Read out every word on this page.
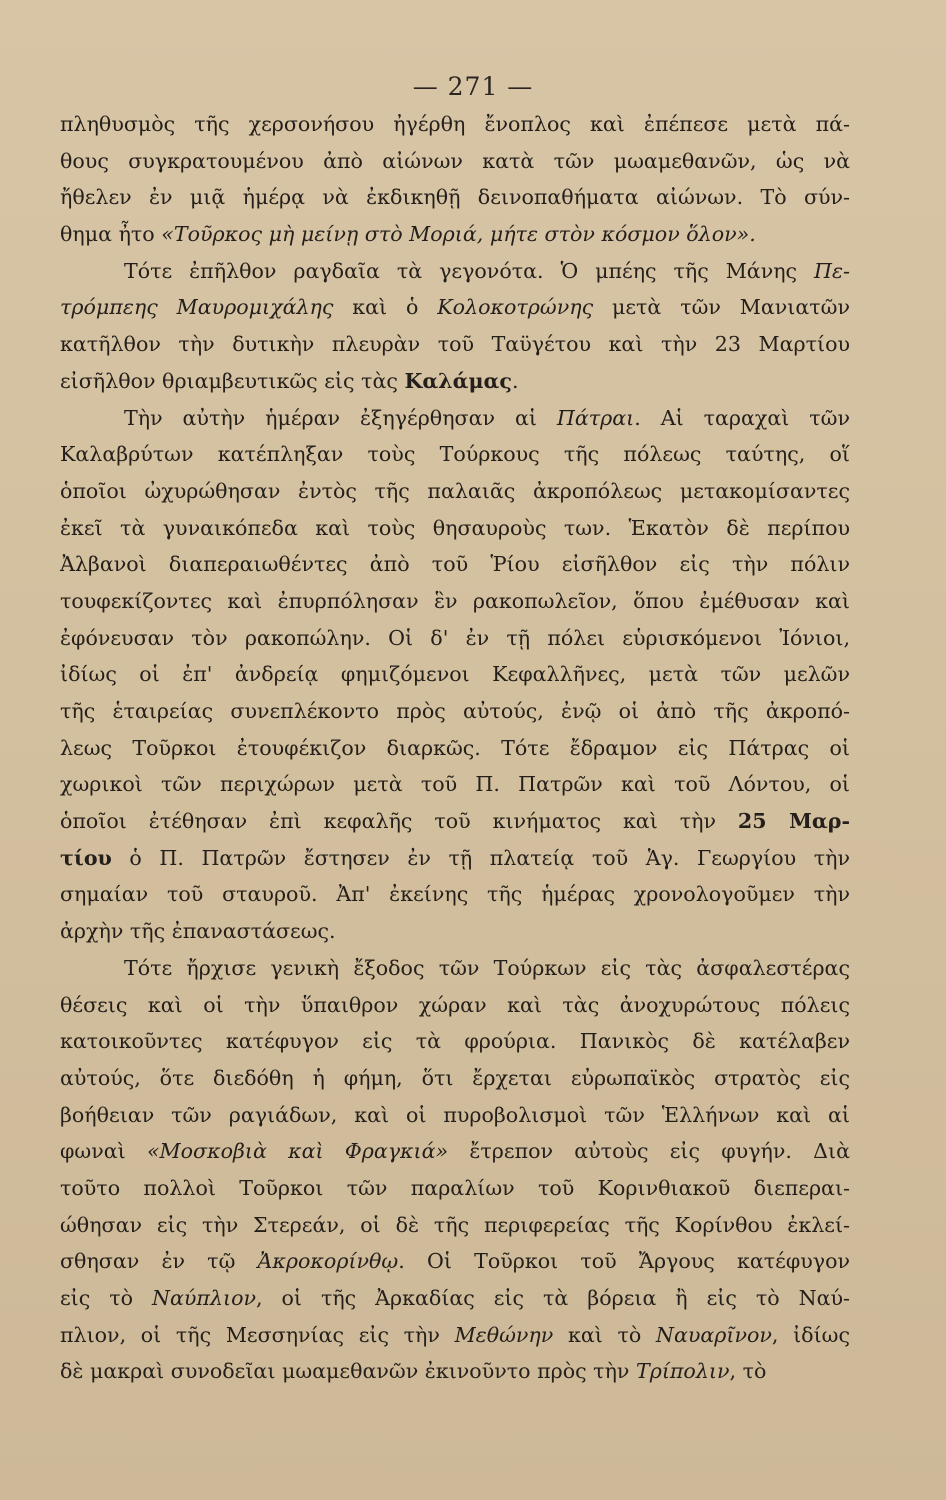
— 271 —
πληθυσμὸς τῆς χερσονήσου ἠγέρθη ἔνοπλος καὶ ἐπέπεσε μετὰ πά-
θους συγκρατουμένου ἀπὸ αἰώνων κατὰ τῶν μωαμεθανῶν, ὡς νὰ
ἤθελεν ἐν μιᾷ ἡμέρᾳ νὰ ἐκδικηθῇ δεινοπαθήματα αἰώνων. Τὸ σύν-
θημα ἦτο «Τοῦρκος μὴ μείνῃ στὸ Μοριά, μήτε στὸν κόσμον ὅλον».
Τότε ἐπῆλθον ραγδαῖα τὰ γεγονότα. Ὁ μπέης τῆς Μάνης Πε-
τρόμπεης Μαυρομιχάλης καὶ ὁ Κολοκοτρώνης μετὰ τῶν Μανιατῶν
κατῆλθον τὴν δυτικὴν πλευρὰν τοῦ Ταϋγέτου καὶ τὴν 23 Μαρτίου
εἰσῆλθον θριαμβευτικῶς εἰς τὰς Καλάμας.
Τὴν αὐτὴν ἡμέραν ἐξηγέρθησαν αἱ Πάτραι. Αἱ ταραχαὶ τῶν
Καλαβρύτων κατέπληξαν τοὺς Τούρκους τῆς πόλεως ταύτης, οἵ
ὁποῖοι ὠχυρώθησαν ἐντὸς τῆς παλαιᾶς ἀκροπόλεως μετακομίσαντες
ἐκεῖ τὰ γυναικόπεδα καὶ τοὺς θησαυροὺς των. Ἑκατὸν δὲ περίπου
Ἀλβανοὶ διαπεραιωθέντες ἀπὸ τοῦ Ῥίου εἰσῆλθον εἰς τὴν πόλιν
τουφεκίζοντες καὶ ἐπυρπόλησαν ἓν ρακοπωλεῖον, ὅπου ἐμέθυσαν καὶ
ἐφόνευσαν τὸν ρακοπώλην. Οἱ δ' ἐν τῇ πόλει εὑρισκόμενοι Ἰόνιοι,
ἰδίως οἱ ἐπ' ἀνδρείᾳ φημιζόμενοι Κεφαλλῆνες, μετὰ τῶν μελῶν
τῆς ἑταιρείας συνεπλέκοντο πρὸς αὐτούς, ἐνῷ οἱ ἀπὸ τῆς ἀκροπό-
λεως Τοῦρκοι ἐτουφέκιζον διαρκῶς. Τότε ἔδραμον εἰς Πάτρας οἱ
χωρικοὶ τῶν περιχώρων μετὰ τοῦ Π. Πατρῶν καὶ τοῦ Λόντου, οἱ
ὁποῖοι ἐτέθησαν ἐπὶ κεφαλῆς τοῦ κινήματος καὶ τὴν 25 Μαρ-
τίου ὁ Π. Πατρῶν ἔστησεν ἐν τῇ πλατείᾳ τοῦ Ἁγ. Γεωργίου τὴν
σημαίαν τοῦ σταυροῦ. Ἀπ' ἐκείνης τῆς ἡμέρας χρονολογοῦμεν τὴν
ἀρχὴν τῆς ἐπαναστάσεως.
Τότε ἤρχισε γενικὴ ἔξοδος τῶν Τούρκων εἰς τὰς ἀσφαλεστέρας
θέσεις καὶ οἱ τὴν ὕπαιθρον χώραν καὶ τὰς ἀνοχυρώτους πόλεις
κατοικοῦντες κατέφυγον εἰς τὰ φρούρια. Πανικὸς δὲ κατέλαβεν
αὐτούς, ὅτε διεδόθη ἡ φήμη, ὅτι ἔρχεται εὐρωπαϊκὸς στρατὸς εἰς
βοήθειαν τῶν ραγιάδων, καὶ οἱ πυροβολισμοὶ τῶν Ἑλλήνων καὶ αἱ
φωναὶ «Μοσκοβιὰ καὶ Φραγκιά» ἔτρεπον αὐτοὺς εἰς φυγήν. Διὰ
τοῦτο πολλοὶ Τοῦρκοι τῶν παραλίων τοῦ Κορινθιακοῦ διεπεραι-
ώθησαν εἰς τὴν Στερεάν, οἱ δὲ τῆς περιφερείας τῆς Κορίνθου ἐκλεί-
σθησαν ἐν τῷ Ἀκροκορίνθῳ. Οἱ Τοῦρκοι τοῦ Ἄργους κατέφυγον
εἰς τὸ Ναύπλιον, οἱ τῆς Ἀρκαδίας εἰς τὰ βόρεια ἢ εἰς τὸ Ναύ-
πλιον, οἱ τῆς Μεσσηνίας εἰς τὴν Μεθώνην καὶ τὸ Ναυαρῖνον, ἰδίως
δὲ μακραὶ συνοδεῖαι μωαμεθανῶν ἐκινοῦντο πρὸς τὴν Τρίπολιν, τὸ
